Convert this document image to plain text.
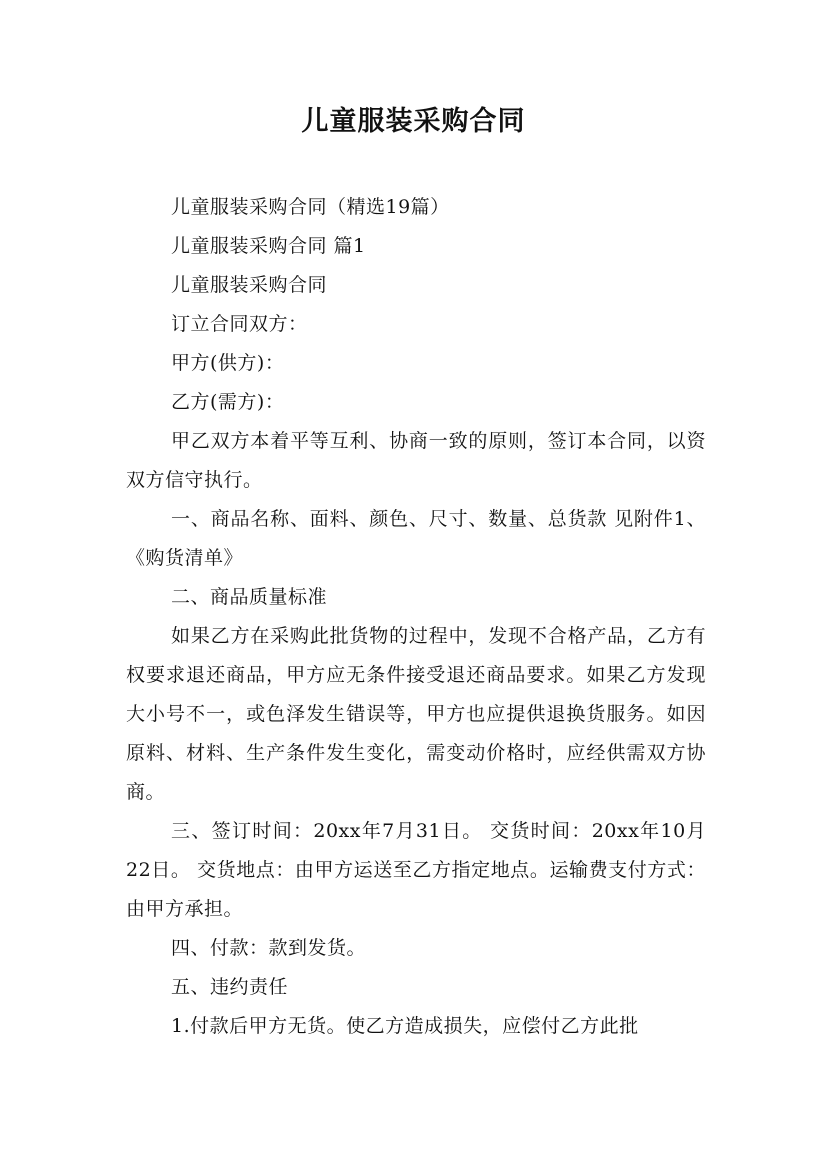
儿童服装采购合同

儿童服装采购合同（精选19篇）

儿童服装采购合同 篇1

儿童服装采购合同

订立合同双方：

甲方(供方)：

乙方(需方)：

甲乙双方本着平等互利、协商一致的原则，签订本合同，以资双方信守执行。

一、商品名称、面料、颜色、尺寸、数量、总货款 见附件1、《购货清单》

二、商品质量标准

如果乙方在采购此批货物的过程中，发现不合格产品，乙方有权要求退还商品，甲方应无条件接受退还商品要求。如果乙方发现大小号不一，或色泽发生错误等，甲方也应提供退换货服务。如因原料、材料、生产条件发生变化，需变动价格时，应经供需双方协商。

三、签订时间：20xx年7月31日。 交货时间：20xx年10月22日。 交货地点：由甲方运送至乙方指定地点。运输费支付方式：由甲方承担。

四、付款：款到发货。

五、违约责任

1.付款后甲方无货。使乙方造成损失，应偿付乙方此批
